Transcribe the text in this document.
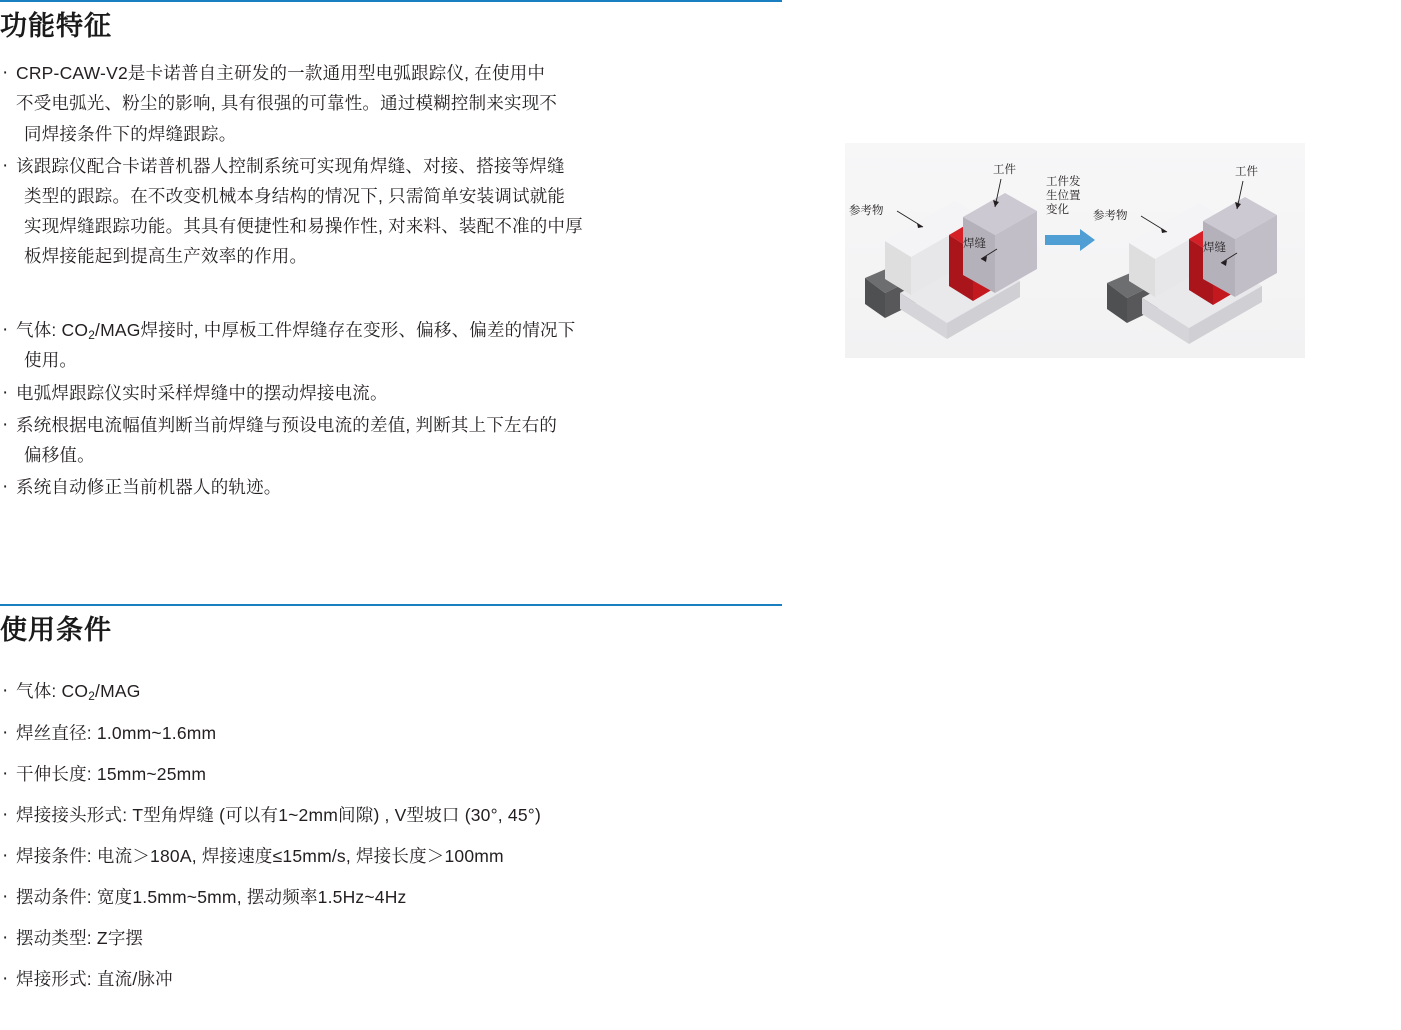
功能特征
· CRP-CAW-V2是卡诺普自主研发的一款通用型电弧跟踪仪, 在使用中
不受电弧光、粉尘的影响, 具有很强的可靠性。通过模糊控制来实现不
同焊接条件下的焊缝跟踪。
· 该跟踪仪配合卡诺普机器人控制系统可实现角焊缝、对接、搭接等焊缝
类型的跟踪。在不改变机械本身结构的情况下, 只需简单安装调试就能
实现焊缝跟踪功能。其具有便捷性和易操作性, 对来料、装配不准的中厚
板焊接能起到提高生产效率的作用。
· 气体: $CO_2$/MAG焊接时, 中厚板工件焊缝存在变形、偏移、偏差的情况下
使用。
· 电弧焊跟踪仪实时采样焊缝中的摆动焊接电流。
· 系统根据电流幅值判断当前焊缝与预设电流的差值, 判断其上下左右的
偏移值。
· 系统自动修正当前机器人的轨迹。
使用条件
· 气体: $CO_2$/MAG
· 焊丝直径: 1.0mm~1.6mm
· 干伸长度: 15mm~25mm
· 焊接接头形式: T型角焊缝 (可以有1~2mm间隙) , V型坡口 (30°, 45°)
· 焊接条件: 电流＞180A, 焊接速度≤15mm/s, 焊接长度＞100mm
· 摆动条件: 宽度1.5mm~5mm, 摆动频率1.5Hz~4Hz
· 摆动类型: Z字摆
· 焊接形式: 直流/脉冲
参考物
工件
焊缝
工件发
生位置
变化 参考物
工件
焊缝
